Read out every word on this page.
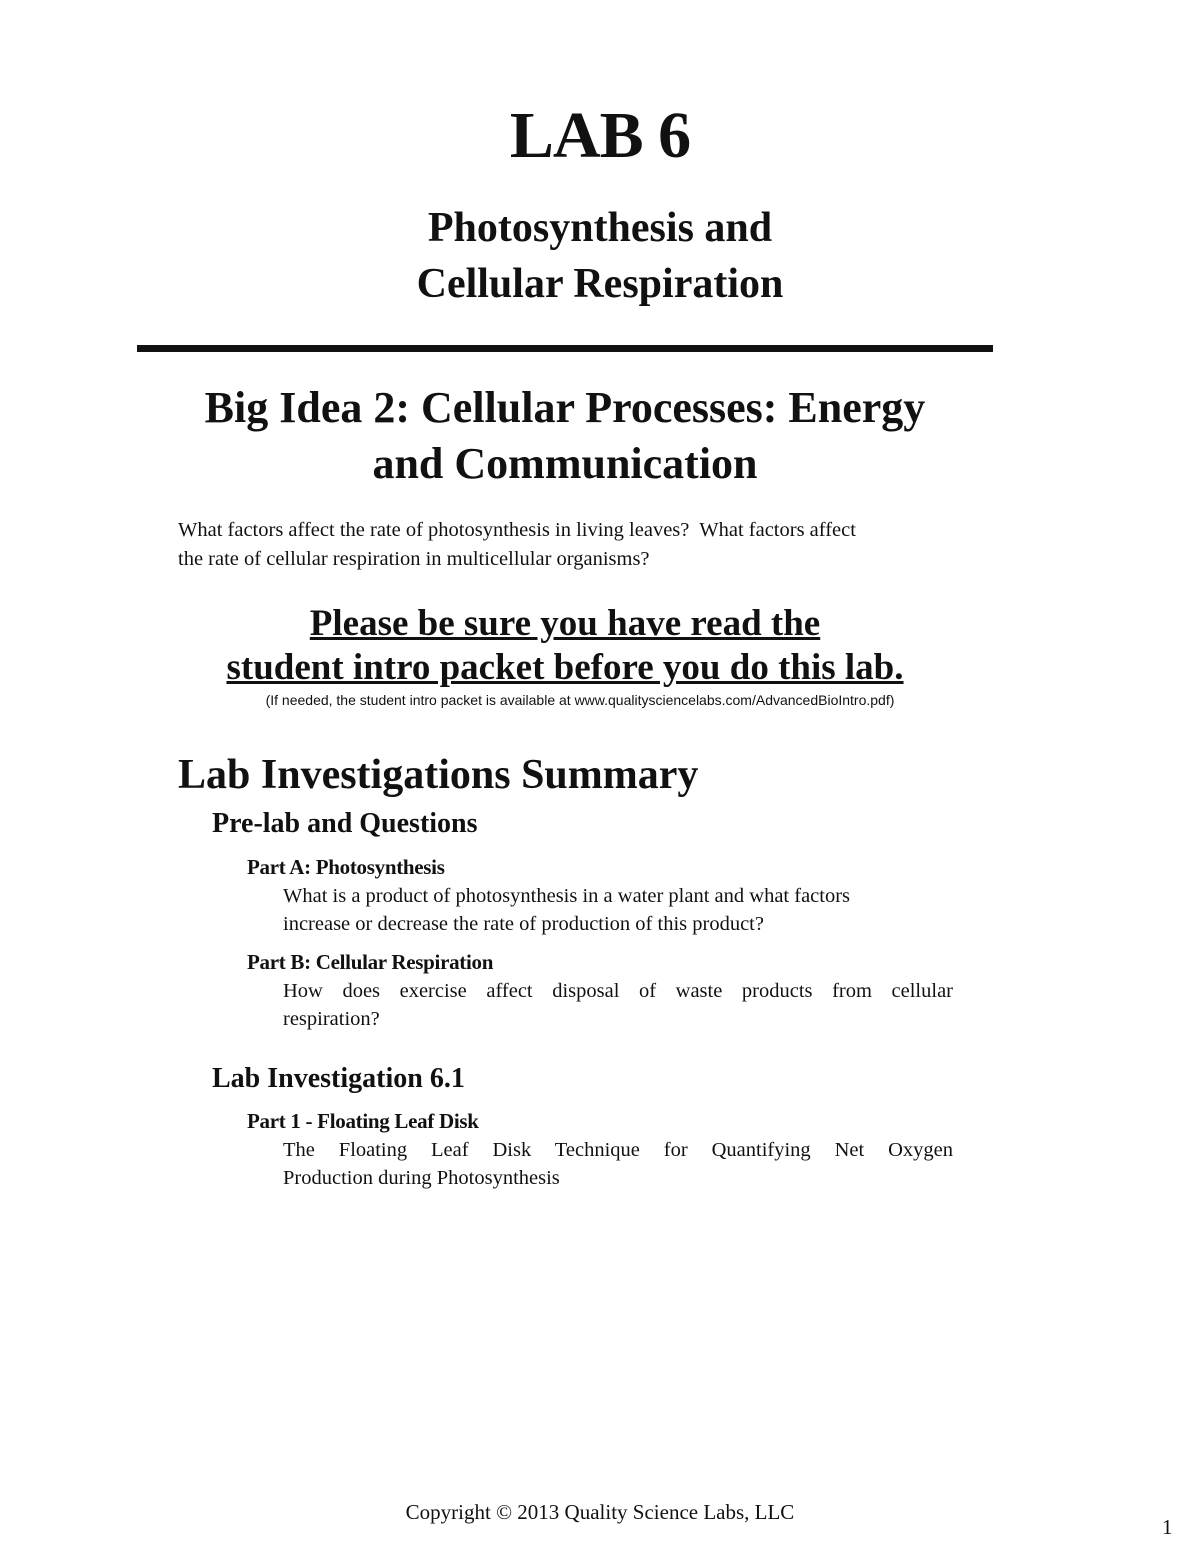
LAB 6
Photosynthesis and
Cellular Respiration
Big Idea 2: Cellular Processes: Energy
and Communication
What factors affect the rate of photosynthesis in living leaves?  What factors affect
the rate of cellular respiration in multicellular organisms?
Please be sure you have read the
student intro packet before you do this lab.
(If needed, the student intro packet is available at www.qualitysciencelabs.com/AdvancedBioIntro.pdf)
Lab Investigations Summary
Pre-lab and Questions
Part A: Photosynthesis
What is a product of photosynthesis in a water plant and what factors
increase or decrease the rate of production of this product?
Part B: Cellular Respiration
How does exercise affect disposal of waste products from cellular
respiration?
Lab Investigation 6.1
Part 1 - Floating Leaf Disk
The Floating Leaf Disk Technique for Quantifying Net Oxygen
Production during Photosynthesis
Copyright © 2013 Quality Science Labs, LLC
1
